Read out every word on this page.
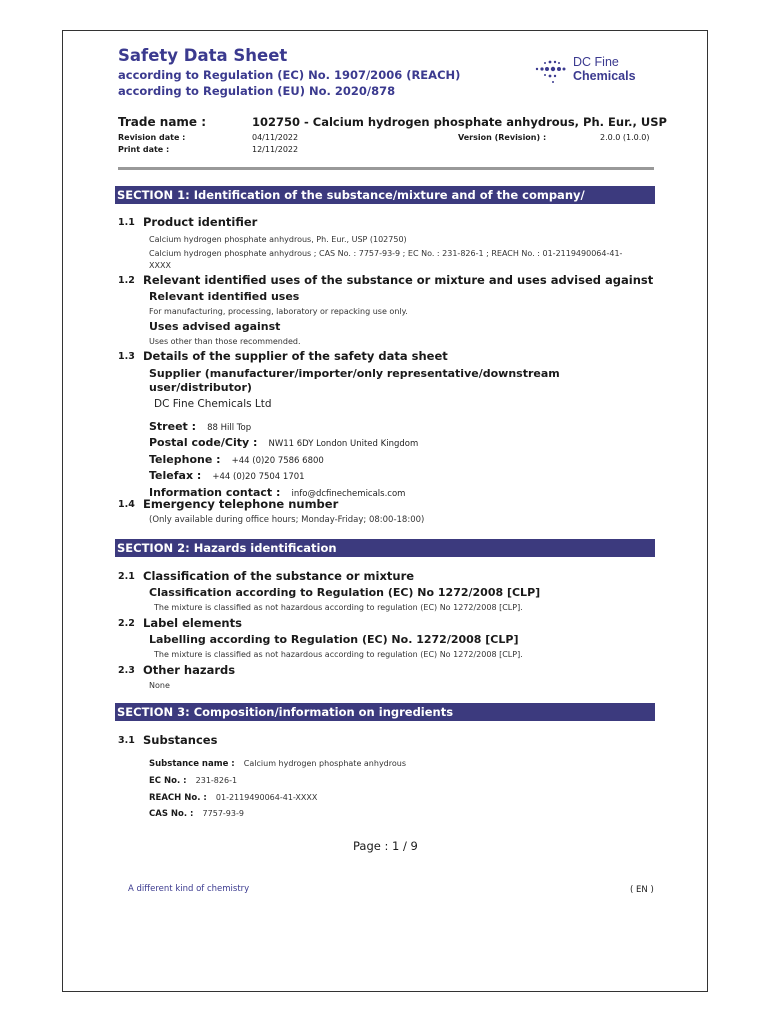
Safety Data Sheet
according to Regulation (EC) No. 1907/2006 (REACH)
according to Regulation (EU) No. 2020/878
DC Fine
Chemicals
Trade name :	102750 - Calcium hydrogen phosphate anhydrous, Ph. Eur., USP
Revision date :	04/11/2022
Print date :	12/11/2022
Version (Revision) :	2.0.0 (1.0.0)
SECTION 1: Identification of the substance/mixture and of the company/ undertaking
1.1 Product identifier
Calcium hydrogen phosphate anhydrous, Ph. Eur., USP (102750)
Calcium hydrogen phosphate anhydrous ; CAS No. : 7757-93-9 ; EC No. : 231-826-1 ; REACH No. : 01-2119490064-41-
XXXX
1.2 Relevant identified uses of the substance or mixture and uses advised against
Relevant identified uses
For manufacturing, processing, laboratory or repacking use only.
Uses advised against
Uses other than those recommended.
1.3 Details of the supplier of the safety data sheet
Supplier (manufacturer/importer/only representative/downstream
user/distributor)
DC Fine Chemicals Ltd
Street : 88 Hill Top
Postal code/City : NW11 6DY London United Kingdom
Telephone : +44 (0)20 7586 6800
Telefax : +44 (0)20 7504 1701
Information contact : info@dcfinechemicals.com
1.4 Emergency telephone number
(Only available during office hours; Monday-Friday; 08:00-18:00)
SECTION 2: Hazards identification
2.1 Classification of the substance or mixture
Classification according to Regulation (EC) No 1272/2008 [CLP]
The mixture is classified as not hazardous according to regulation (EC) No 1272/2008 [CLP].
2.2 Label elements
Labelling according to Regulation (EC) No. 1272/2008 [CLP]
The mixture is classified as not hazardous according to regulation (EC) No 1272/2008 [CLP].
2.3 Other hazards
None
SECTION 3: Composition/information on ingredients
3.1 Substances
Substance name : Calcium hydrogen phosphate anhydrous
EC No. : 231-826-1
REACH No. : 01-2119490064-41-XXXX
CAS No. : 7757-93-9
Page : 1 / 9
A different kind of chemistry	( EN )
